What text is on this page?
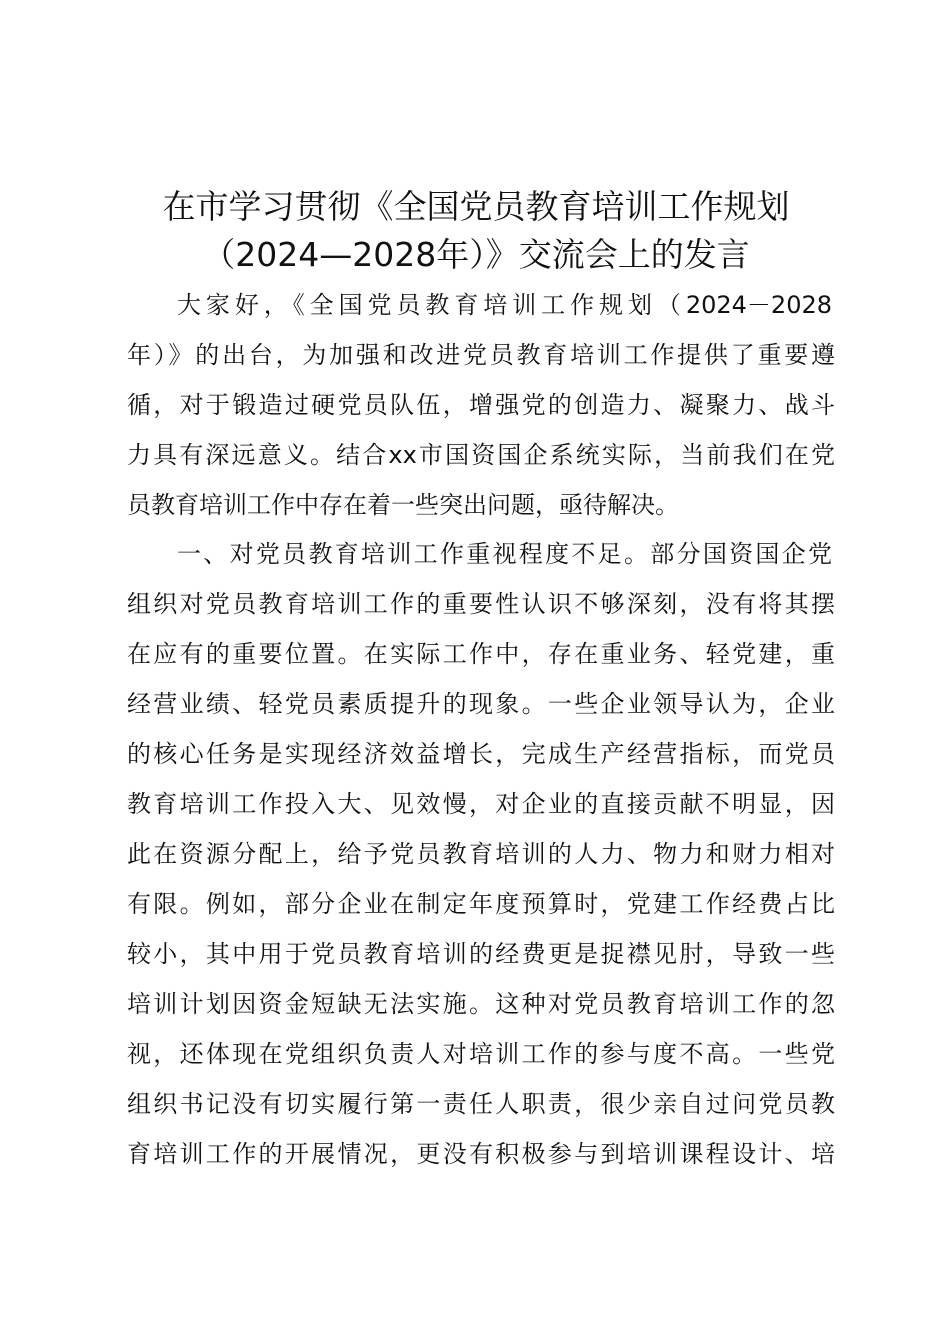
在市学习贯彻《全国党员教育培训工作规划
（2024—2028年）》交流会上的发言
大家好，《全国党员教育培训工作规划（2024－2028
年）》的出台，为加强和改进党员教育培训工作提供了重要遵
循，对于锻造过硬党员队伍，增强党的创造力、凝聚力、战斗
力具有深远意义。结合xx市国资国企系统实际，当前我们在党
员教育培训工作中存在着一些突出问题，亟待解决。
一、对党员教育培训工作重视程度不足。部分国资国企党
组织对党员教育培训工作的重要性认识不够深刻，没有将其摆
在应有的重要位置。在实际工作中，存在重业务、轻党建，重
经营业绩、轻党员素质提升的现象。一些企业领导认为，企业
的核心任务是实现经济效益增长，完成生产经营指标，而党员
教育培训工作投入大、见效慢，对企业的直接贡献不明显，因
此在资源分配上，给予党员教育培训的人力、物力和财力相对
有限。例如，部分企业在制定年度预算时，党建工作经费占比
较小，其中用于党员教育培训的经费更是捉襟见肘，导致一些
培训计划因资金短缺无法实施。这种对党员教育培训工作的忽
视，还体现在党组织负责人对培训工作的参与度不高。一些党
组织书记没有切实履行第一责任人职责，很少亲自过问党员教
育培训工作的开展情况，更没有积极参与到培训课程设计、培
